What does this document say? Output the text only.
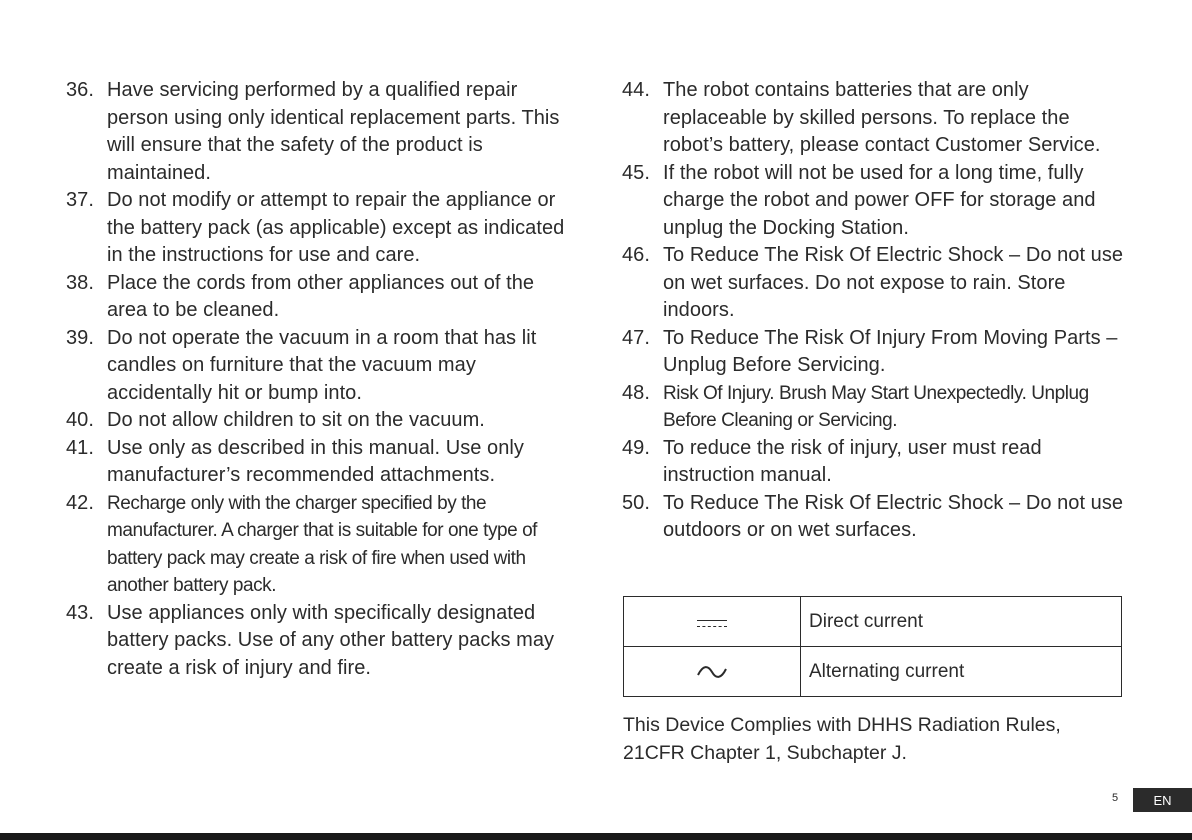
36. Have servicing performed by a qualified repair person using only identical replacement parts. This will ensure that the safety of the product is maintained.
37. Do not modify or attempt to repair the appliance or the battery pack (as applicable) except as indicated in the instructions for use and care.
38. Place the cords from other appliances out of the area to be cleaned.
39. Do not operate the vacuum in a room that has lit candles on furniture that the vacuum may accidentally hit or bump into.
40. Do not allow children to sit on the vacuum.
41. Use only as described in this manual. Use only manufacturer’s recommended attachments.
42. Recharge only with the charger specified by the manufacturer. A charger that is suitable for one type of battery pack may create a risk of fire when used with another battery pack.
43. Use appliances only with specifically designated battery packs. Use of any other battery packs may create a risk of injury and fire.
44. The robot contains batteries that are only replaceable by skilled persons. To replace the robot’s battery, please contact Customer Service.
45. If the robot will not be used for a long time, fully charge the robot and power OFF for storage and unplug the Docking Station.
46. To Reduce The Risk Of Electric Shock – Do not use on wet surfaces. Do not expose to rain. Store indoors.
47. To Reduce The Risk Of Injury From Moving Parts – Unplug Before Servicing.
48. Risk Of Injury. Brush May Start Unexpectedly. Unplug Before Cleaning or Servicing.
49. To reduce the risk of injury, user must read instruction manual.
50. To Reduce The Risk Of Electric Shock – Do not use outdoors or on wet surfaces.
	Direct current
	Alternating current

This Device Complies with DHHS Radiation Rules,
21CFR Chapter 1, Subchapter J.

5	EN
